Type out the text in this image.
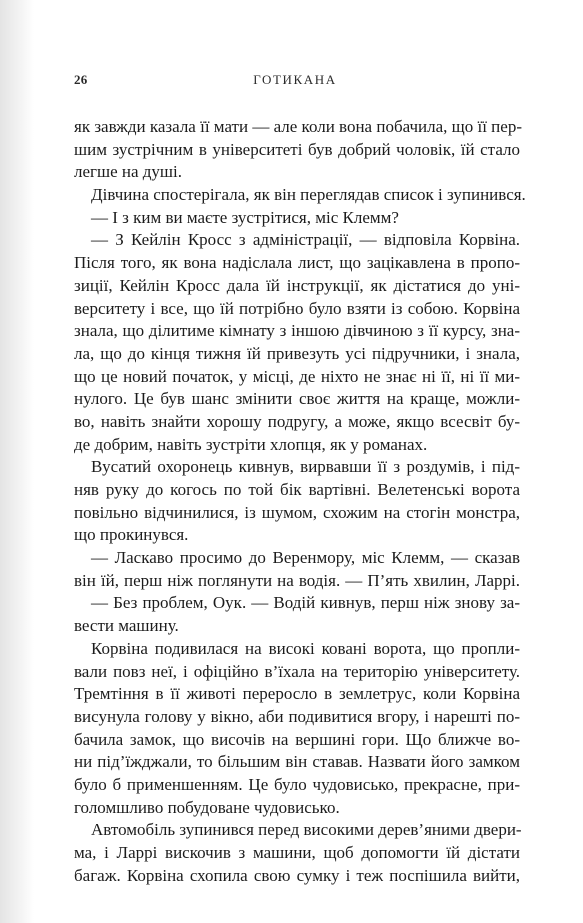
26	ГОТИКАНА
як завжди казала її мати — але коли вона побачила, що її пер-
шим зустрічним в університеті був добрий чоловік, їй стало
легше на душі.
Дівчина спостерігала, як він переглядав список і зупинився.
— І з ким ви маєте зустрітися, міс Клемм?
— З Кейлін Кросс з адміністрації, — відповіла Корвіна.
Після того, як вона надіслала лист, що зацікавлена в пропо-
зиції, Кейлін Кросс дала їй інструкції, як дістатися до уні-
верситету і все, що їй потрібно було взяти із собою. Корвіна
знала, що ділитиме кімнату з іншою дівчиною з її курсу, зна-
ла, що до кінця тижня їй привезуть усі підручники, і знала,
що це новий початок, у місці, де ніхто не знає ні її, ні її ми-
нулого. Це був шанс змінити своє життя на краще, можли-
во, навіть знайти хорошу подругу, а може, якщо всесвіт бу-
де добрим, навіть зустріти хлопця, як у романах.
Вусатий охоронець кивнув, вирвавши її з роздумів, і під-
няв руку до когось по той бік вартівні. Велетенські ворота
повільно відчинилися, із шумом, схожим на стогін монстра,
що прокинувся.
— Ласкаво просимо до Веренмору, міс Клемм, — сказав
він їй, перш ніж поглянути на водія. — П’ять хвилин, Ларрі.
— Без проблем, Оук. — Водій кивнув, перш ніж знову за-
вести машину.
Корвіна подивилася на високі ковані ворота, що пропли-
вали повз неї, і офіційно в’їхала на територію університету.
Тремтіння в її животі переросло в землетрус, коли Корвіна
висунула голову у вікно, аби подивитися вгору, і нарешті по-
бачила замок, що височів на вершині гори. Що ближче во-
ни під’їжджали, то більшим він ставав. Назвати його замком
було б применшенням. Це було чудовисько, прекрасне, при-
голомшливо побудоване чудовисько.
Автомобіль зупинився перед високими дерев’яними двери-
ма, і Ларрі вискочив з машини, щоб допомогти їй дістати
багаж. Корвіна схопила свою сумку і теж поспішила вийти,
